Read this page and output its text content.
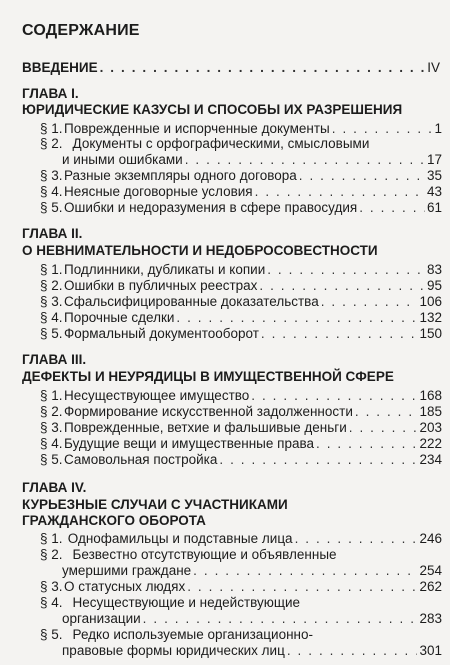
СОДЕРЖАНИЕ
ВВЕДЕНИЕ . . .	IV
ГЛАВА I.
ЮРИДИЧЕСКИЕ КАЗУСЫ И СПОСОБЫ ИХ РАЗРЕШЕНИЯ
§ 1.Поврежденные и испорченные документы . . .	1
§ 2. Документы с орфографическими, смысловыми
и иными ошибками . . .	17
§ 3.Разные экземпляры одного договора . . .	35
§ 4.Неясные договорные условия . . .	43
§ 5.Ошибки и недоразумения в сфере правосудия . . .	61
ГЛАВА II.
О НЕВНИМАТЕЛЬНОСТИ И НЕДОБРОСОВЕСТНОСТИ
§ 1.Подлинники, дубликаты и копии . . .	83
§ 2.Ошибки в публичных реестрах . . .	95
§ 3.Сфальсифицированные доказательства . . .	106
§ 4.Порочные сделки . . .	132
§ 5.Формальный документооборот . . .	150
ГЛАВА III.
ДЕФЕКТЫ И НЕУРЯДИЦЫ В ИМУЩЕСТВЕННОЙ СФЕРЕ
§ 1.Несуществующее имущество . . .	168
§ 2.Формирование искусственной задолженности . . .	185
§ 3.Поврежденные, ветхие и фальшивые деньги . . .	203
§ 4.Будущие вещи и имущественные права . . .	222
§ 5.Самовольная постройка . . .	234
ГЛАВА IV.
КУРЬЕЗНЫЕ СЛУЧАИ С УЧАСТНИКАМИ
ГРАЖДАНСКОГО ОБОРОТА
§ 1. Однофамильцы и подставные лица . . .	246
§ 2. Безвестно отсутствующие и объявленные
умершими граждане . . .	254
§ 3.О статусных людях . . .	262
§ 4. Несуществующие и недействующие
организации . . .	283
§ 5. Редко используемые организационно-
правовые формы юридических лиц . . .	301
